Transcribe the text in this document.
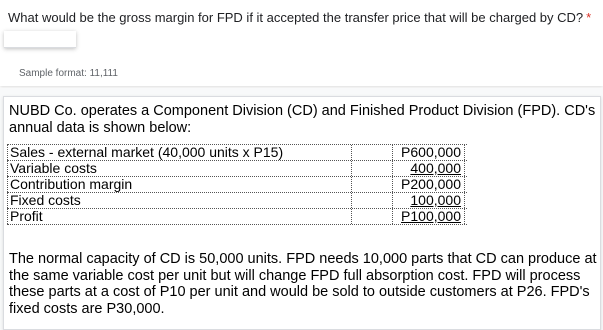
What would be the gross margin for FPD if it accepted the transfer price that will be charged by CD? *
Sample format: 11,111
NUBD Co. operates a Component Division (CD) and Finished Product Division (FPD). CD's annual data is shown below:
Sales - external market (40,000 units x P15)	P600,000
Variable costs	400,000
Contribution margin	P200,000
Fixed costs	100,000
Profit	P100,000
The normal capacity of CD is 50,000 units. FPD needs 10,000 parts that CD can produce at the same variable cost per unit but will change FPD full absorption cost. FPD will process these parts at a cost of P10 per unit and would be sold to outside customers at P26. FPD's fixed costs are P30,000.
